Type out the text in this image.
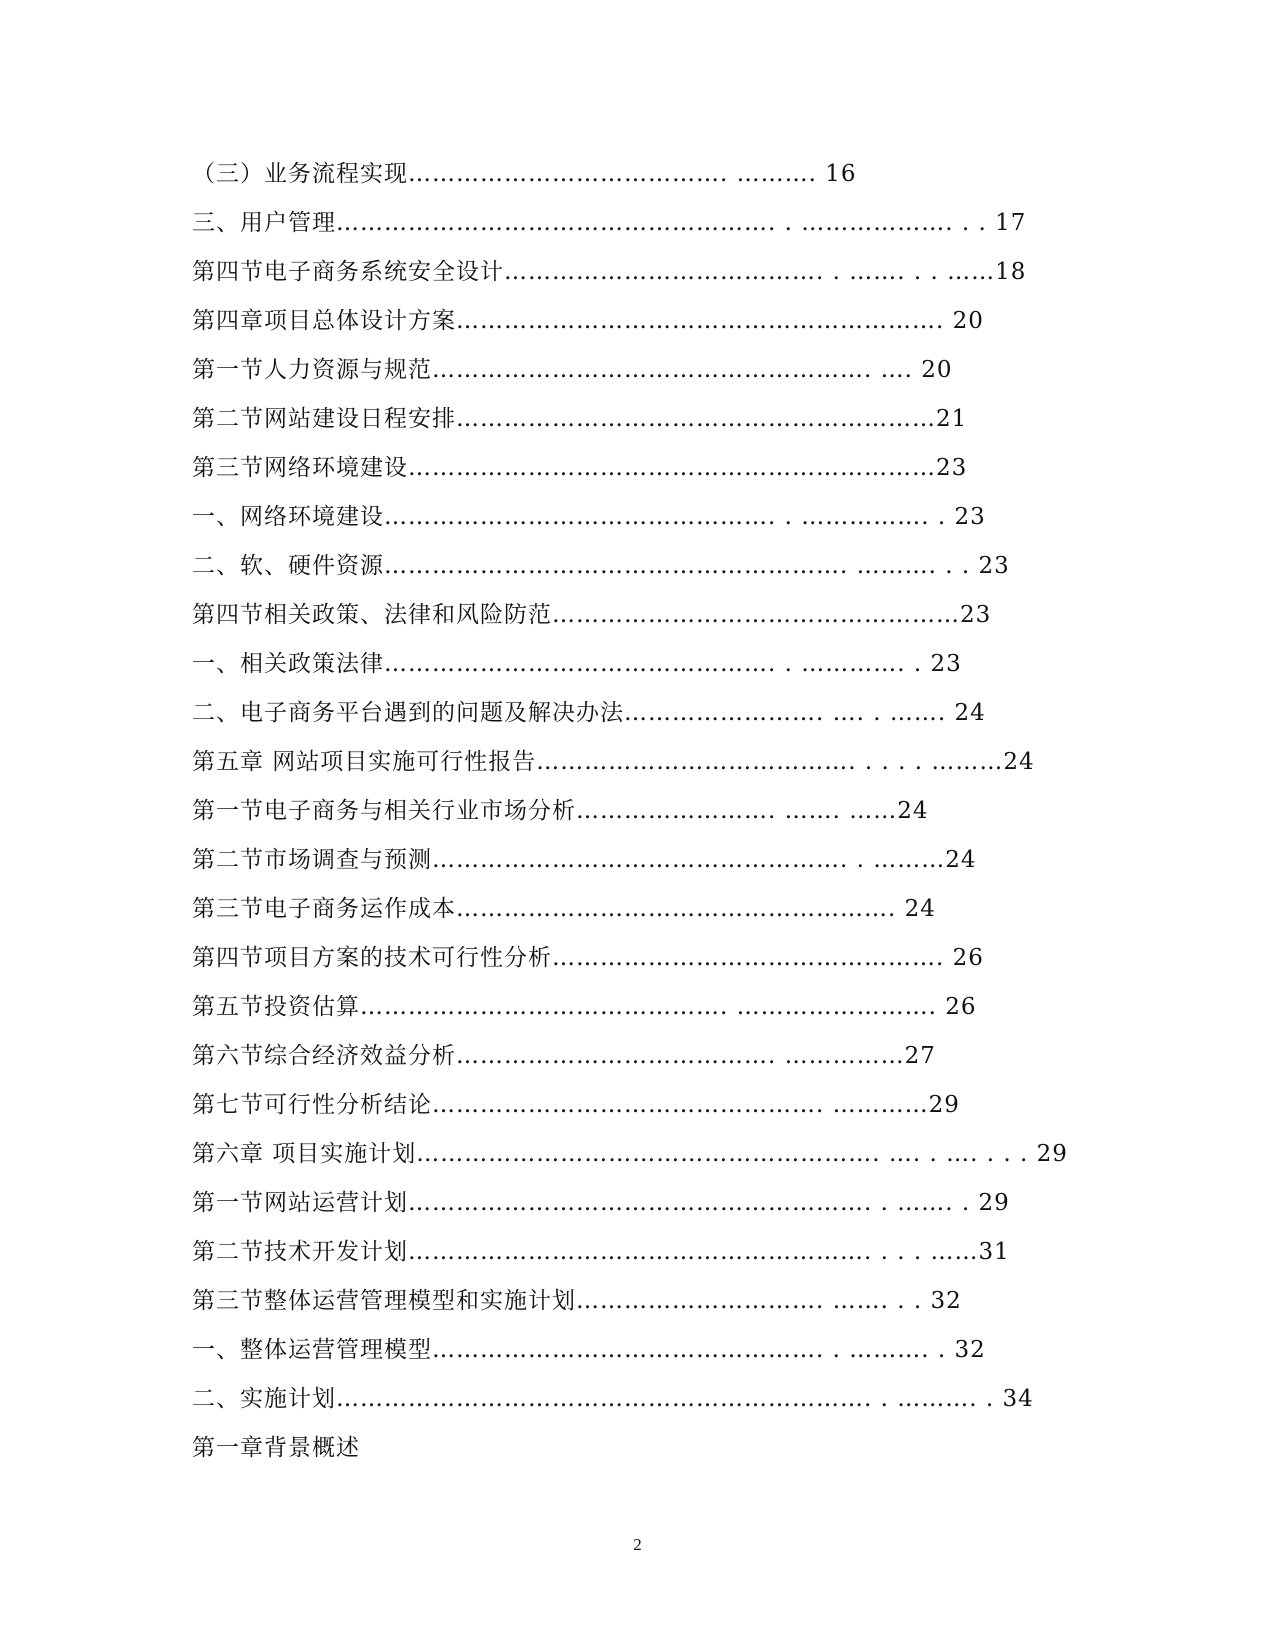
（三）业务流程实现…………………………………. ………. 16
三、用户管理………………………………………………. . ………………. . . 17
第四节电子商务系统安全设计…………………………………. . ……. . . ……18
第四章项目总体设计方案……………………………………………………. 20
第一节人力资源与规范………………………………………………. …. 20
第二节网站建设日程安排……………………………………………………21
第三节网络环境建设…………………………………………………………23
一、网络环境建设…………………………………………. . ……………. . 23
二、软、硬件资源…………………………………………………. ………. . . 23
第四节相关政策、法律和风险防范……………………………………………23
一、相关政策法律…………………………………………. . …………. . 23
二、电子商务平台遇到的问题及解决办法……………………. …. . ……. 24
第五章 网站项目实施可行性报告…………………………………. . . . . ………24
第一节电子商务与相关行业市场分析……………………. ……. ……24
第二节市场调查与预测……………………………………………. . ………24
第三节电子商务运作成本………………………………………………. 24
第四节项目方案的技术可行性分析…………………………………………. 26
第五节投资估算………………………………………. ……………………. 26
第六节综合经济效益分析…………………………………. ……………27
第七节可行性分析结论…………………………………………. …………29
第六章 项目实施计划…………………………………………………. …. . …. . . . 29
第一节网站运营计划…………………………………………………. . ……. . 29
第二节技术开发计划…………………………………………………. . . . ……31
第三节整体运营管理模型和实施计划…………………………. ……. . . 32
一、整体运营管理模型…………………………………………. . ………. . 32
二、实施计划…………………………………………………………. . ………. . 34
第一章背景概述
2
